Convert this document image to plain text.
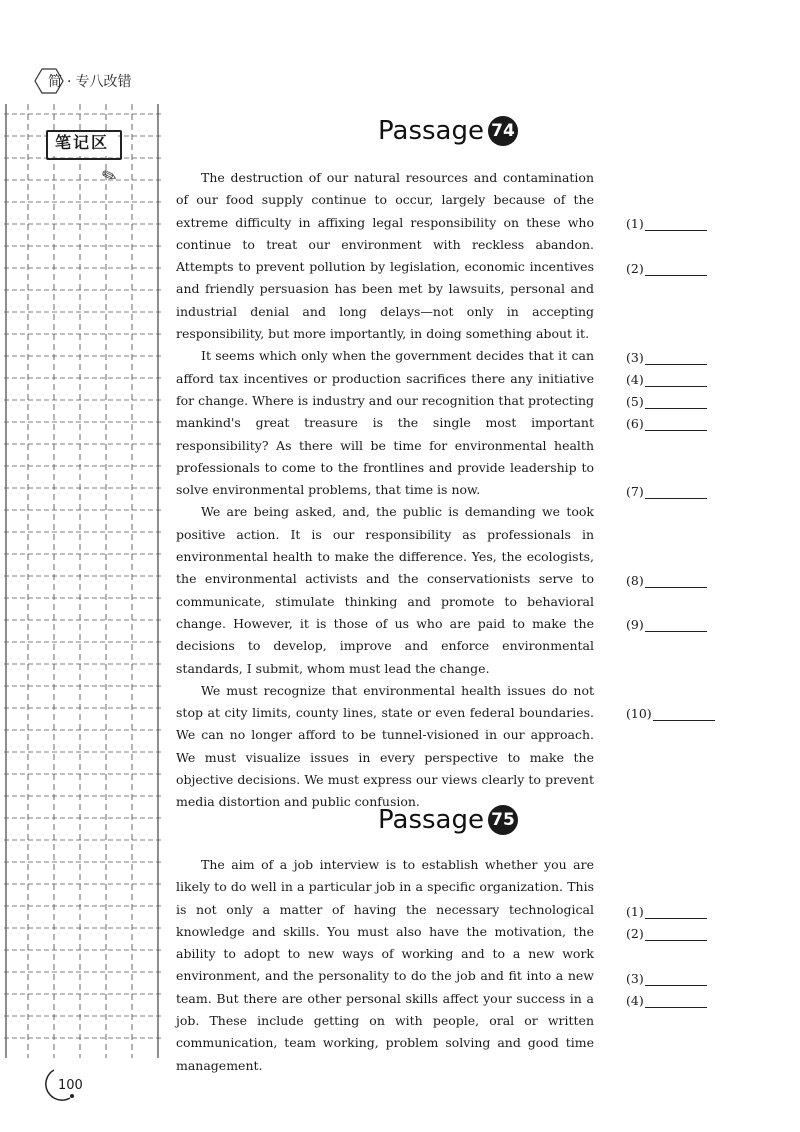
简 · 专八改错
笔记区
✎
Passage 74

The destruction of our natural resources and contamination of our food supply continue to occur, largely because of the extreme difficulty in affixing legal responsibility on these who continue to treat our environment with reckless abandon. Attempts to prevent pollution by legislation, economic incentives and friendly persuasion has been met by lawsuits, personal and industrial denial and long delays—not only in accepting responsibility, but more importantly, in doing something about it.

It seems which only when the government decides that it can afford tax incentives or production sacrifices there any initiative for change. Where is industry and our recognition that protecting mankind's great treasure is the single most important responsibility? As there will be time for environmental health professionals to come to the frontlines and provide leadership to solve environmental problems, that time is now.

We are being asked, and, the public is demanding we took positive action. It is our responsibility as professionals in environmental health to make the difference. Yes, the ecologists, the environmental activists and the conservationists serve to communicate, stimulate thinking and promote to behavioral change. However, it is those of us who are paid to make the decisions to develop, improve and enforce environmental standards, I submit, whom must lead the change.

We must recognize that environmental health issues do not stop at city limits, county lines, state or even federal boundaries. We can no longer afford to be tunnel-visioned in our approach. We must visualize issues in every perspective to make the objective decisions. We must express our views clearly to prevent media distortion and public confusion.

(1)
(2)
(3)
(4)
(5)
(6)
(7)
(8)
(9)
(10)
Passage 75

The aim of a job interview is to establish whether you are likely to do well in a particular job in a specific organization. This is not only a matter of having the necessary technological knowledge and skills. You must also have the motivation, the ability to adopt to new ways of working and to a new work environment, and the personality to do the job and fit into a new team. But there are other personal skills affect your success in a job. These include getting on with people, oral or written communication, team working, problem solving and good time management.

(1)
(2)
(3)
(4)
100
